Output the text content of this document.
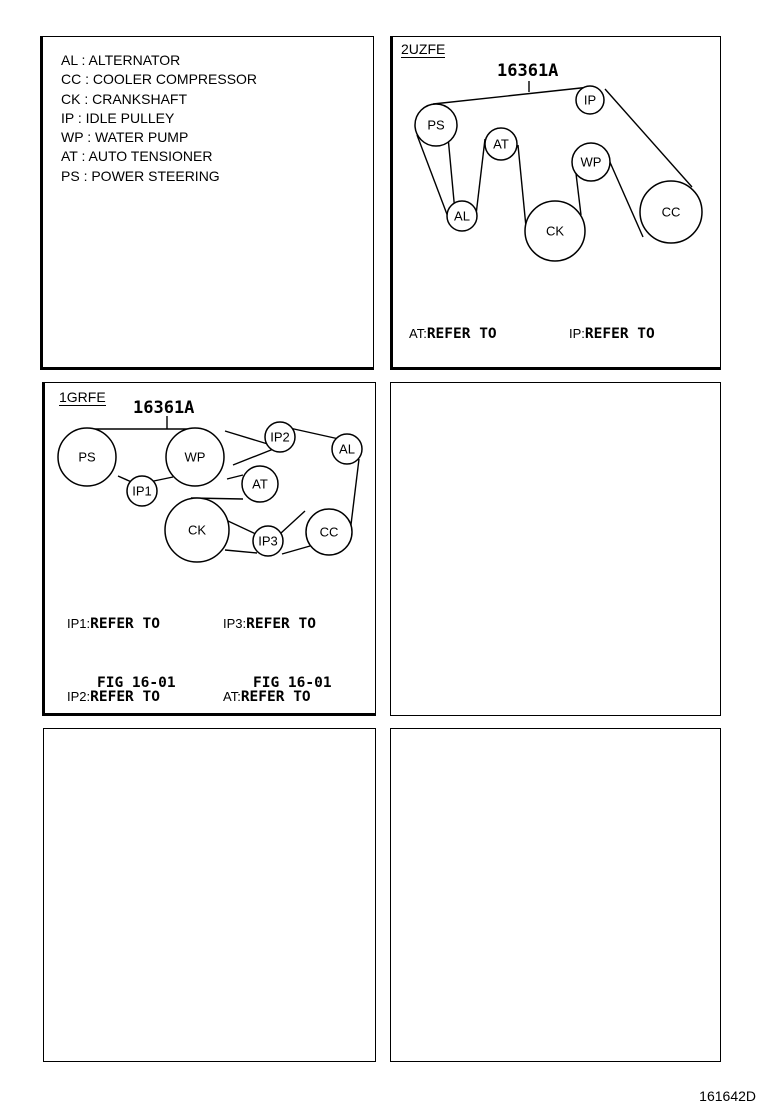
AL : ALTERNATOR
CC : COOLER COMPRESSOR
CK : CRANKSHAFT
IP : IDLE PULLEY
WP : WATER PUMP
AT : AUTO TENSIONER
PS : POWER STEERING
2UZFE
16361A
PS
IP
AT
WP
CC
AL
CK

AT:REFER TO

	IP:REFER TO

1GRFE
16361A
PS	WP
IP2
AL
IP1	AT
CK
IP3
CC

IP1:REFER TO

FIG 16-01

IP3:REFER TO

FIG 16-01

IP2:REFER TO

	AT:REFER TO

161642D
